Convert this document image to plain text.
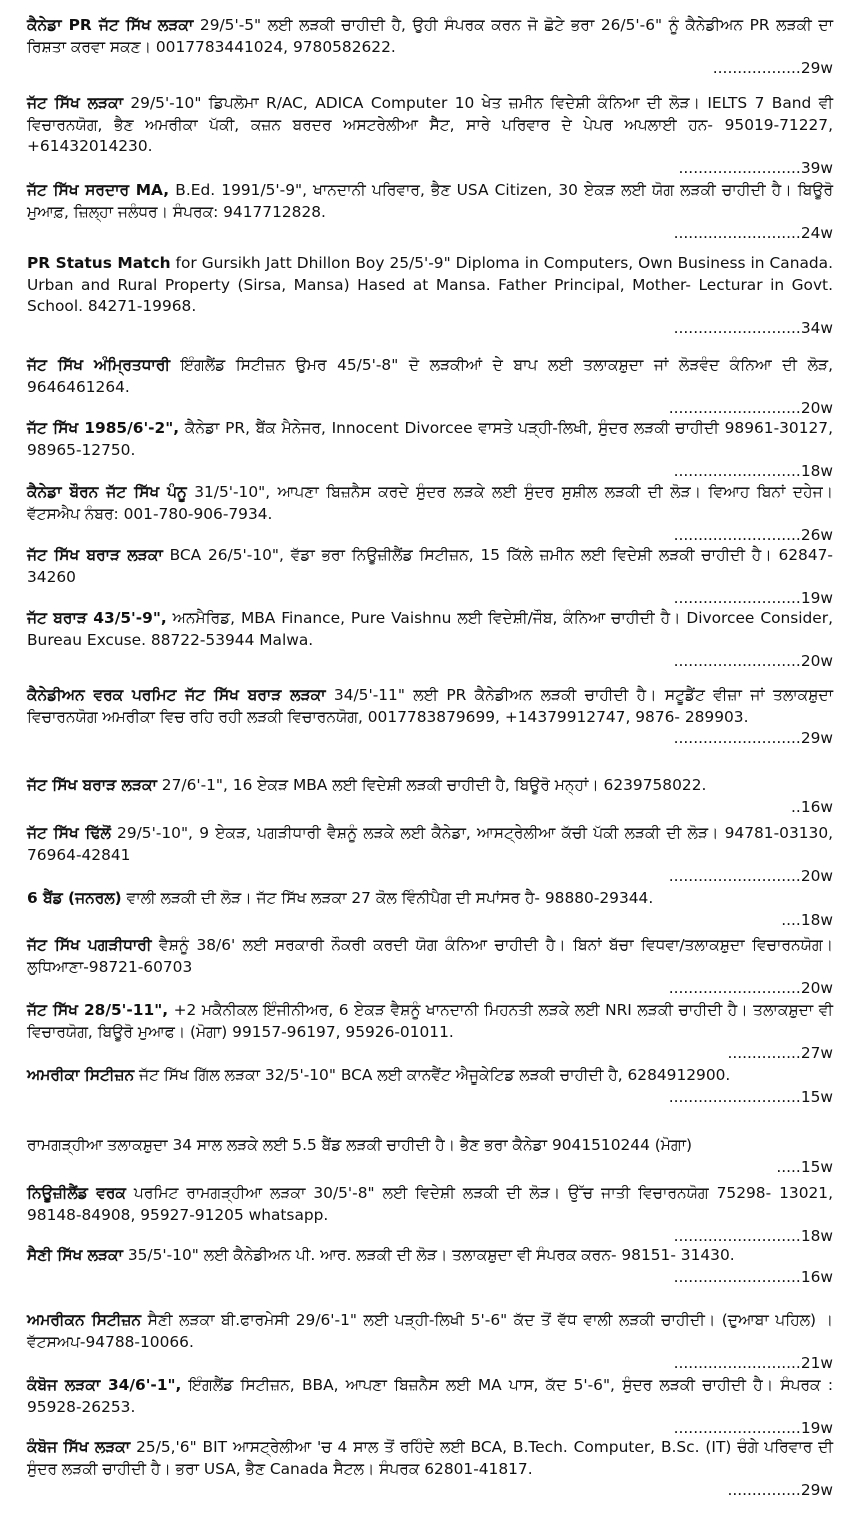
ਕੈਨੇਡਾ PR ਜੱਟ ਸਿੱਖ ਲੜਕਾ 29/5'-5" ਲਈ ਲੜਕੀ ਚਾਹੀਦੀ ਹੈ, ਉਹੀ ਸੰਪਰਕ ਕਰਨ ਜੋ ਛੋਟੇ ਭਰਾ 26/5'-6" ਨੂੰ ਕੈਨੇਡੀਅਨ PR ਲੜਕੀ ਦਾ ਰਿਸ਼ਤਾ ਕਰਵਾ ਸਕਣ। 0017783441024, 9780582622.

..................29w

ਜੱਟ ਸਿੱਖ ਲੜਕਾ 29/5'-10" ਡਿਪਲੋਮਾ R/AC, ADICA Computer 10 ਖੇਤ ਜ਼ਮੀਨ ਵਿਦੇਸ਼ੀ ਕੰਨਿਆ ਦੀ ਲੋੜ। IELTS 7 Band ਵੀ ਵਿਚਾਰਨਯੋਗ, ਭੈਣ ਅਮਰੀਕਾ ਪੱਕੀ, ਕਜ਼ਨ ਬਰਦਰ ਅਸਟਰੇਲੀਆ ਸੈੱਟ, ਸਾਰੇ ਪਰਿਵਾਰ ਦੇ ਪੇਪਰ ਅਪਲਾਈ ਹਨ- 95019-71227, +61432014230.

.........................39w

ਜੱਟ ਸਿੱਖ ਸਰਦਾਰ MA, B.Ed. 1991/5'-9", ਖਾਨਦਾਨੀ ਪਰਿਵਾਰ, ਭੈਣ USA Citizen, 30 ਏਕੜ ਲਈ ਯੋਗ ਲੜਕੀ ਚਾਹੀਦੀ ਹੈ। ਬਿਊਰੋ ਮੁਆਫ਼, ਜ਼ਿਲ੍ਹਾ ਜਲੰਧਰ। ਸੰਪਰਕ: 9417712828.

..........................24w

PR Status Match for Gursikh Jatt Dhillon Boy 25/5'-9" Diploma in Computers, Own Business in Canada. Urban and Rural Property (Sirsa, Mansa) Hased at Mansa. Father Principal, Mother- Lecturar in Govt. School. 84271-19968.

..........................34w

ਜੱਟ ਸਿੱਖ ਅੰਮ੍ਰਿਤਧਾਰੀ ਇੰਗਲੈਂਡ ਸਿਟੀਜ਼ਨ ਉਮਰ 45/5'-8" ਦੋ ਲੜਕੀਆਂ ਦੇ ਬਾਪ ਲਈ ਤਲਾਕਸ਼ੁਦਾ ਜਾਂ ਲੋੜਵੰਦ ਕੰਨਿਆ ਦੀ ਲੋੜ, 9646461264.

...........................20w

ਜੱਟ ਸਿੱਖ 1985/6'-2", ਕੈਨੇਡਾ PR, ਬੈਂਕ ਮੈਨੇਜਰ, Innocent Divorcee ਵਾਸਤੇ ਪੜ੍ਹੀ-ਲਿਖੀ, ਸੁੰਦਰ ਲੜਕੀ ਚਾਹੀਦੀ 98961-30127, 98965-12750.

..........................18w

ਕੈਨੇਡਾ ਬੌਰਨ ਜੱਟ ਸਿੱਖ ਪੰਨੂ 31/5'-10", ਆਪਣਾ ਬਿਜ਼ਨੈਸ ਕਰਦੇ ਸੁੰਦਰ ਲੜਕੇ ਲਈ ਸੁੰਦਰ ਸੁਸ਼ੀਲ ਲੜਕੀ ਦੀ ਲੋੜ। ਵਿਆਹ ਬਿਨਾਂ ਦਹੇਜ। ਵੱਟਸਐਪ ਨੰਬਰ: 001-780-906-7934.

..........................26w

ਜੱਟ ਸਿੱਖ ਬਰਾੜ ਲੜਕਾ BCA 26/5'-10", ਵੱਡਾ ਭਰਾ ਨਿਊਜ਼ੀਲੈਂਡ ਸਿਟੀਜ਼ਨ, 15 ਕਿੱਲੇ ਜ਼ਮੀਨ ਲਈ ਵਿਦੇਸ਼ੀ ਲੜਕੀ ਚਾਹੀਦੀ ਹੈ। 62847-34260

..........................19w

ਜੱਟ ਬਰਾੜ 43/5'-9", ਅਨਮੈਰਿਡ, MBA Finance, Pure Vaishnu ਲਈ ਵਿਦੇਸ਼ੀ/ਜੌਬ, ਕੰਨਿਆ ਚਾਹੀਦੀ ਹੈ। Divorcee Consider, Bureau Excuse. 88722-53944 Malwa.

..........................20w

ਕੈਨੇਡੀਅਨ ਵਰਕ ਪਰਮਿਟ ਜੱਟ ਸਿੱਖ ਬਰਾੜ ਲੜਕਾ 34/5'-11" ਲਈ PR ਕੈਨੇਡੀਅਨ ਲੜਕੀ ਚਾਹੀਦੀ ਹੈ। ਸਟੂਡੈਂਟ ਵੀਜ਼ਾ ਜਾਂ ਤਲਾਕਸ਼ੁਦਾ ਵਿਚਾਰਨਯੋਗ ਅਮਰੀਕਾ ਵਿਚ ਰਹਿ ਰਹੀ ਲੜਕੀ ਵਿਚਾਰਨਯੋਗ, 0017783879699, +14379912747, 9876- 289903.

..........................29w

ਜੱਟ ਸਿੱਖ ਬਰਾੜ ਲੜਕਾ 27/6'-1", 16 ਏਕੜ MBA ਲਈ ਵਿਦੇਸ਼ੀ ਲੜਕੀ ਚਾਹੀਦੀ ਹੈ, ਬਿਊਰੋ ਮਨ੍ਹਾਂ। 6239758022.

..16w

ਜੱਟ ਸਿੱਖ ਢਿੱਲੋਂ 29/5'-10", 9 ਏਕੜ, ਪਗੜੀਧਾਰੀ ਵੈਸ਼ਨੂੰ ਲੜਕੇ ਲਈ ਕੈਨੇਡਾ, ਆਸਟ੍ਰੇਲੀਆ ਕੱਚੀ ਪੱਕੀ ਲੜਕੀ ਦੀ ਲੋੜ। 94781-03130, 76964-42841

...........................20w

6 ਬੈਂਡ (ਜਨਰਲ) ਵਾਲੀ ਲੜਕੀ ਦੀ ਲੋੜ। ਜੱਟ ਸਿੱਖ ਲੜਕਾ 27 ਕੋਲ ਵਿੰਨੀਪੈਗ ਦੀ ਸਪਾਂਸਰ ਹੈ- 98880-29344.

....18w

ਜੱਟ ਸਿੱਖ ਪਗੜੀਧਾਰੀ ਵੈਸ਼ਨੂੰ 38/6' ਲਈ ਸਰਕਾਰੀ ਨੌਕਰੀ ਕਰਦੀ ਯੋਗ ਕੰਨਿਆ ਚਾਹੀਦੀ ਹੈ। ਬਿਨਾਂ ਬੱਚਾ ਵਿਧਵਾ/ਤਲਾਕਸ਼ੁਦਾ ਵਿਚਾਰਨਯੋਗ। ਲੁਧਿਆਣਾ-98721-60703

...........................20w

ਜੱਟ ਸਿੱਖ 28/5'-11", +2 ਮਕੈਨੀਕਲ ਇੰਜੀਨੀਅਰ, 6 ਏਕੜ ਵੈਸ਼ਨੂੰ ਖਾਨਦਾਨੀ ਮਿਹਨਤੀ ਲੜਕੇ ਲਈ NRI ਲੜਕੀ ਚਾਹੀਦੀ ਹੈ। ਤਲਾਕਸ਼ੁਦਾ ਵੀ ਵਿਚਾਰਯੋਗ, ਬਿਊਰੋ ਮੁਆਫ। (ਮੋਗਾ) 99157-96197, 95926-01011.

...............27w

ਅਮਰੀਕਾ ਸਿਟੀਜ਼ਨ ਜੱਟ ਸਿੱਖ ਗਿੱਲ ਲੜਕਾ 32/5'-10" BCA ਲਈ ਕਾਨਵੈਂਟ ਐਜੂਕੇਟਿਡ ਲੜਕੀ ਚਾਹੀਦੀ ਹੈ, 6284912900.

...........................15w

ਰਾਮਗੜ੍ਹੀਆ ਤਲਾਕਸ਼ੁਦਾ 34 ਸਾਲ ਲੜਕੇ ਲਈ 5.5 ਬੈਂਡ ਲੜਕੀ ਚਾਹੀਦੀ ਹੈ। ਭੈਣ ਭਰਾ ਕੈਨੇਡਾ 9041510244 (ਮੋਗਾ)

.....15w

ਨਿਊਜ਼ੀਲੈਂਡ ਵਰਕ ਪਰਮਿਟ ਰਾਮਗੜ੍ਹੀਆ ਲੜਕਾ 30/5'-8" ਲਈ ਵਿਦੇਸ਼ੀ ਲੜਕੀ ਦੀ ਲੋੜ। ਉੱਚ ਜਾਤੀ ਵਿਚਾਰਨਯੋਗ 75298- 13021, 98148-84908, 95927-91205 whatsapp.

..........................18w

ਸੈਣੀ ਸਿੱਖ ਲੜਕਾ 35/5'-10" ਲਈ ਕੈਨੇਡੀਅਨ ਪੀ. ਆਰ. ਲੜਕੀ ਦੀ ਲੋੜ। ਤਲਾਕਸ਼ੁਦਾ ਵੀ ਸੰਪਰਕ ਕਰਨ- 98151- 31430.

..........................16w

ਅਮਰੀਕਨ ਸਿਟੀਜ਼ਨ ਸੈਣੀ ਲੜਕਾ ਬੀ.ਫਾਰਮੇਸੀ 29/6'-1" ਲਈ ਪੜ੍ਹੀ-ਲਿਖੀ 5'-6" ਕੱਦ ਤੋਂ ਵੱਧ ਵਾਲੀ ਲੜਕੀ ਚਾਹੀਦੀ। (ਦੁਆਬਾ ਪਹਿਲ) । ਵੱਟਸਅਪ-94788-10066.

..........................21w

ਕੰਬੋਜ ਲੜਕਾ 34/6'-1", ਇੰਗਲੈਂਡ ਸਿਟੀਜ਼ਨ, BBA, ਆਪਣਾ ਬਿਜ਼ਨੈਸ ਲਈ MA ਪਾਸ, ਕੱਦ 5'-6", ਸੁੰਦਰ ਲੜਕੀ ਚਾਹੀਦੀ ਹੈ। ਸੰਪਰਕ : 95928-26253.

..........................19w

ਕੰਬੋਜ ਸਿੱਖ ਲੜਕਾ 25/5,'6" BIT ਆਸਟ੍ਰੇਲੀਆ 'ਚ 4 ਸਾਲ ਤੋਂ ਰਹਿੰਦੇ ਲਈ BCA, B.Tech. Computer, B.Sc. (IT) ਚੰਗੇ ਪਰਿਵਾਰ ਦੀ ਸੁੰਦਰ ਲੜਕੀ ਚਾਹੀਦੀ ਹੈ। ਭਰਾ USA, ਭੈਣ Canada ਸੈਟਲ। ਸੰਪਰਕ 62801-41817.

...............29w
